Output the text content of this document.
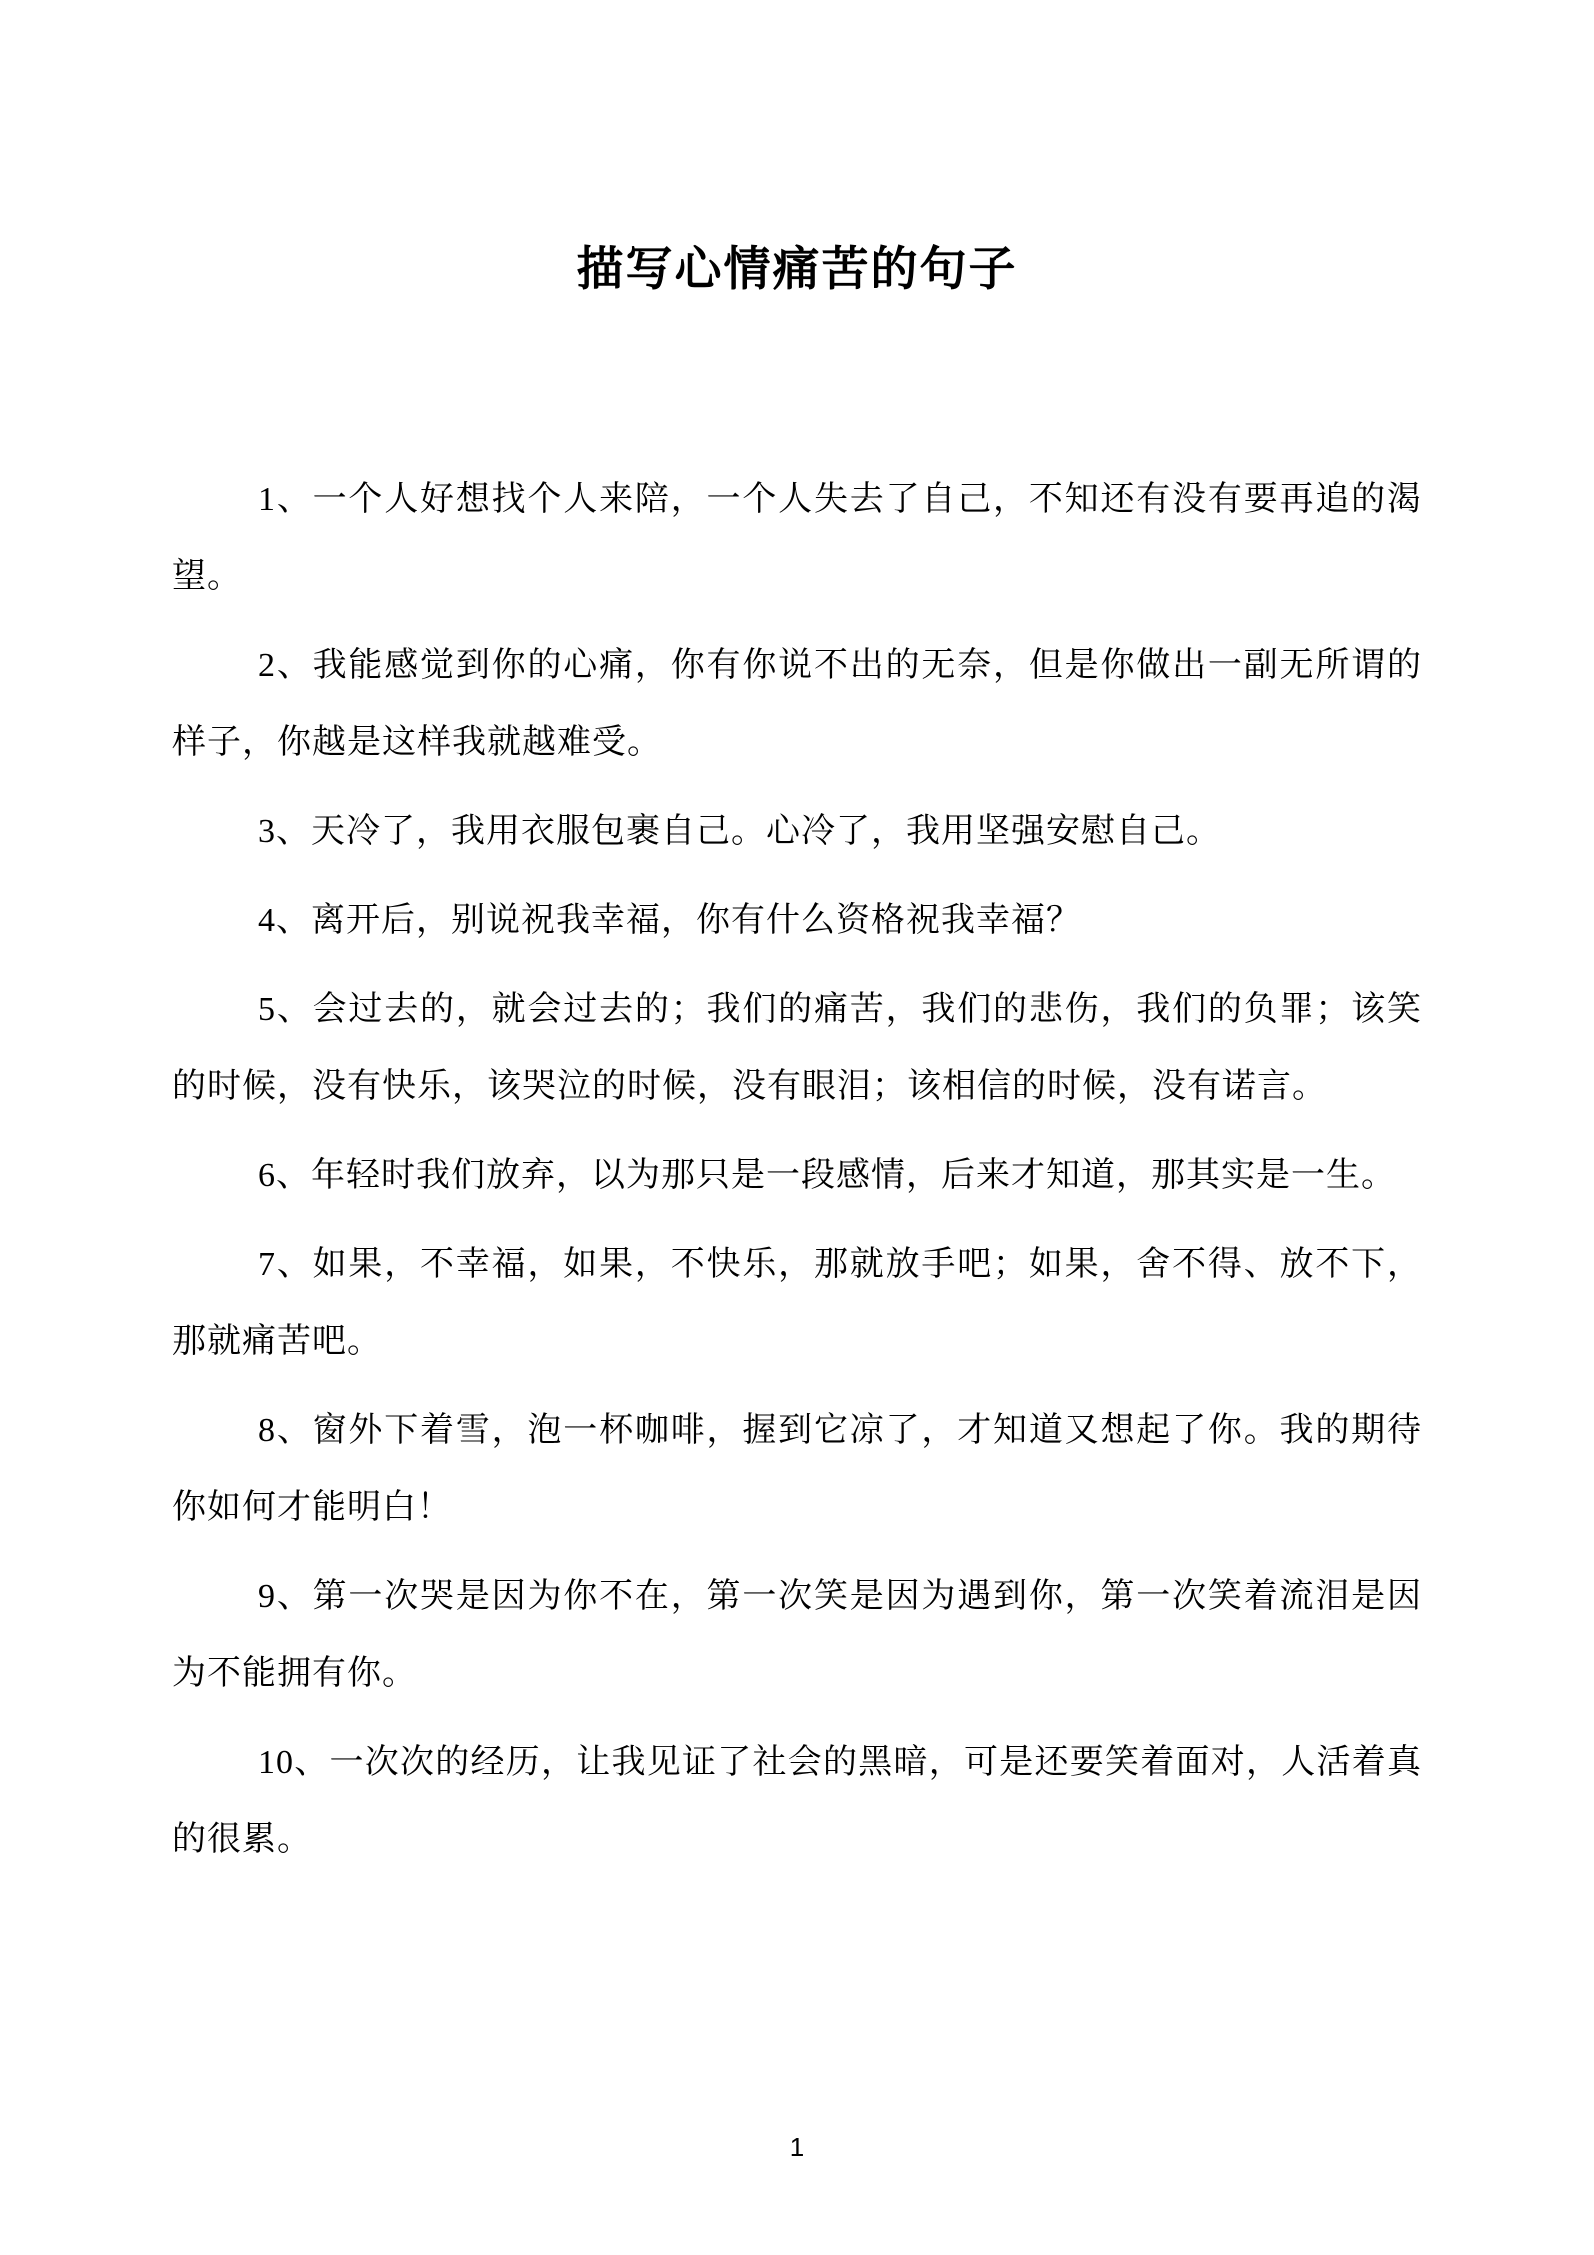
描写心情痛苦的句子

1、一个人好想找个人来陪，一个人失去了自己，不知还有没有要再追的渴望。

2、我能感觉到你的心痛，你有你说不出的无奈，但是你做出一副无所谓的样子，你越是这样我就越难受。

3、天冷了，我用衣服包裹自己。心冷了，我用坚强安慰自己。

4、离开后，别说祝我幸福，你有什么资格祝我幸福？

5、会过去的，就会过去的；我们的痛苦，我们的悲伤，我们的负罪；该笑的时候，没有快乐，该哭泣的时候，没有眼泪；该相信的时候，没有诺言。

6、年轻时我们放弃，以为那只是一段感情，后来才知道，那其实是一生。

7、如果，不幸福，如果，不快乐，那就放手吧；如果，舍不得、放不下，那就痛苦吧。

8、窗外下着雪，泡一杯咖啡，握到它凉了，才知道又想起了你。我的期待你如何才能明白！

9、第一次哭是因为你不在，第一次笑是因为遇到你，第一次笑着流泪是因为不能拥有你。

10、一次次的经历，让我见证了社会的黑暗，可是还要笑着面对，人活着真的很累。

1
